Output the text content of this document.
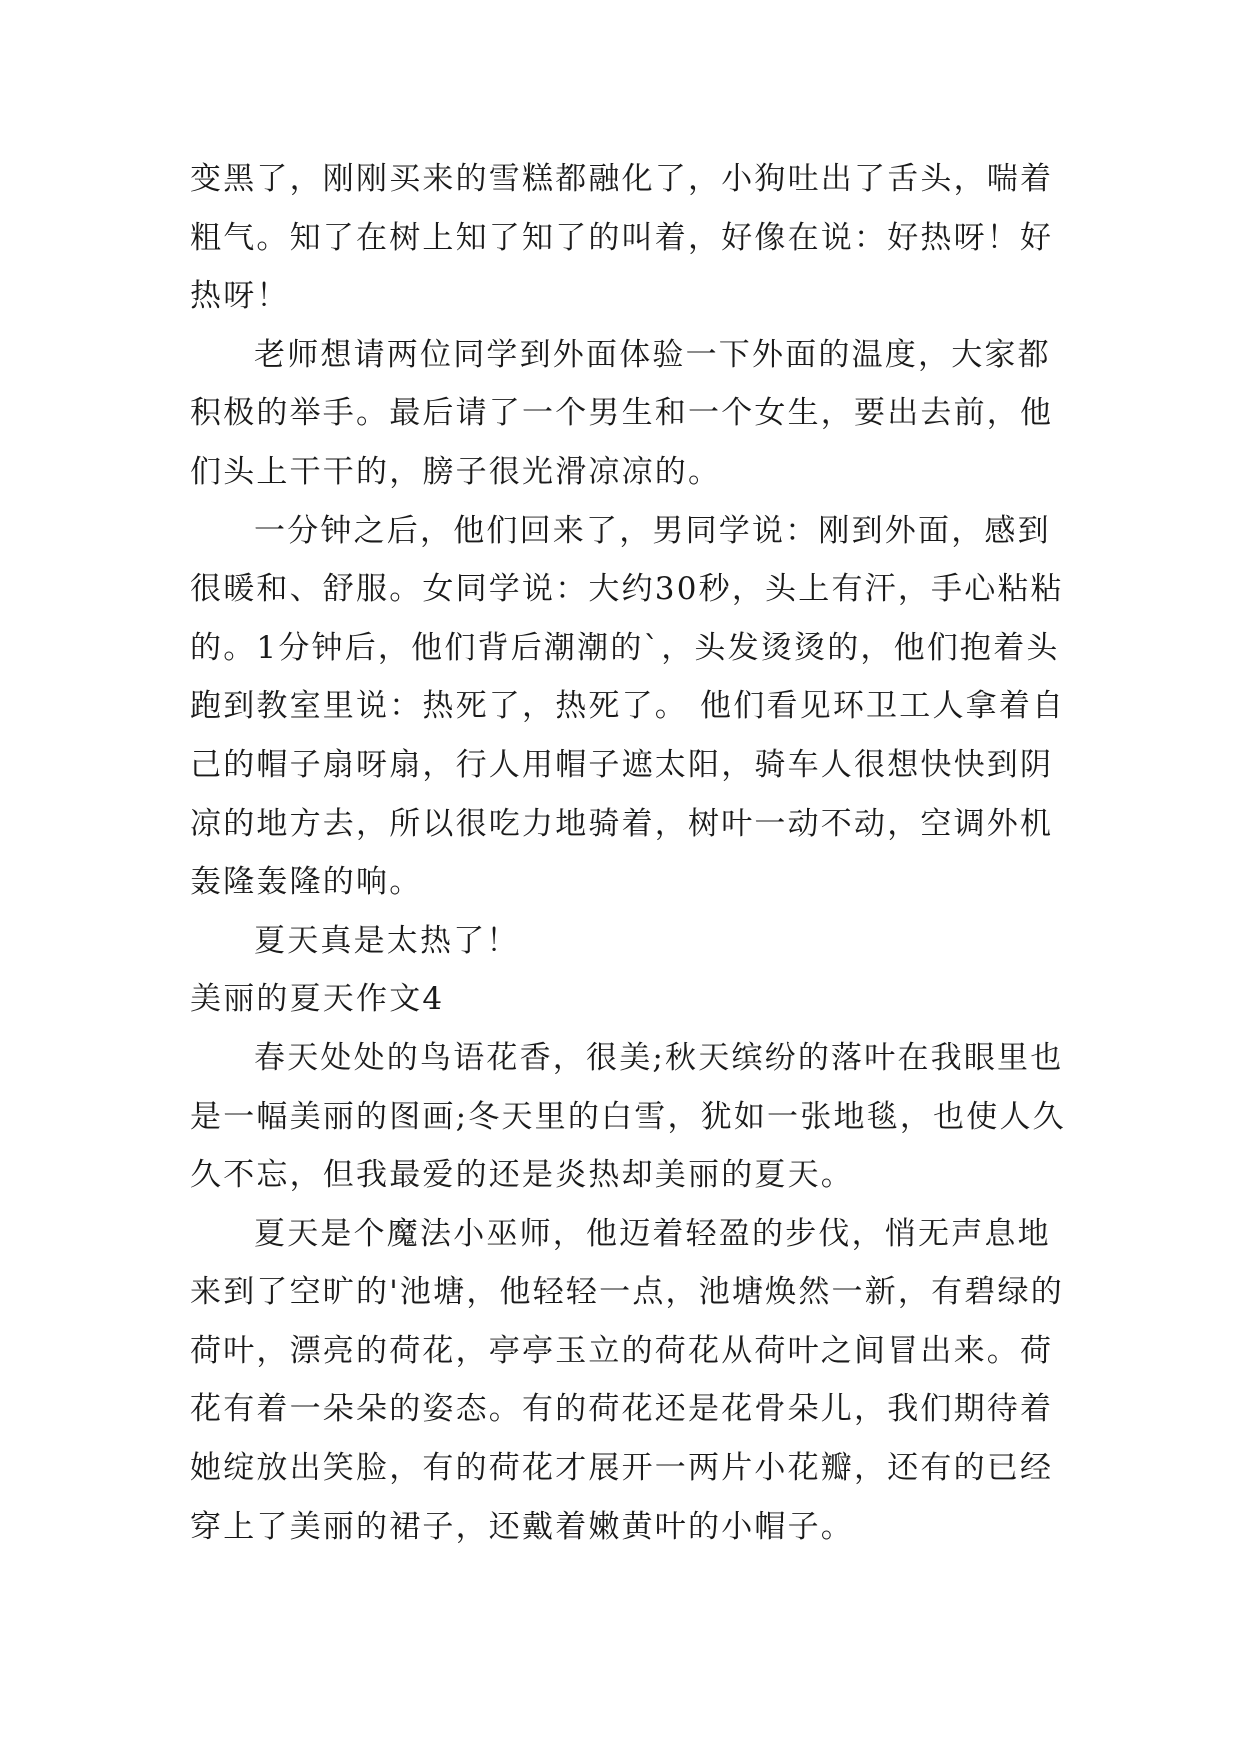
变黑了，刚刚买来的雪糕都融化了，小狗吐出了舌头，喘着粗气。知了在树上知了知了的叫着，好像在说：好热呀！好热呀！

老师想请两位同学到外面体验一下外面的温度，大家都积极的举手。最后请了一个男生和一个女生，要出去前，他们头上干干的，膀子很光滑凉凉的。

一分钟之后，他们回来了，男同学说：刚到外面，感到很暖和、舒服。女同学说：大约30秒，头上有汗，手心粘粘的。1分钟后，他们背后潮潮的`，头发烫烫的，他们抱着头跑到教室里说：热死了，热死了。 他们看见环卫工人拿着自己的帽子扇呀扇，行人用帽子遮太阳，骑车人很想快快到阴凉的地方去，所以很吃力地骑着，树叶一动不动，空调外机轰隆轰隆的响。

夏天真是太热了！

美丽的夏天作文4

春天处处的鸟语花香，很美;秋天缤纷的落叶在我眼里也是一幅美丽的图画;冬天里的白雪，犹如一张地毯，也使人久久不忘，但我最爱的还是炎热却美丽的夏天。

夏天是个魔法小巫师，他迈着轻盈的步伐，悄无声息地来到了空旷的'池塘，他轻轻一点，池塘焕然一新，有碧绿的荷叶，漂亮的荷花，亭亭玉立的荷花从荷叶之间冒出来。荷花有着一朵朵的姿态。有的荷花还是花骨朵儿，我们期待着她绽放出笑脸，有的荷花才展开一两片小花瓣，还有的已经穿上了美丽的裙子，还戴着嫩黄叶的小帽子。
